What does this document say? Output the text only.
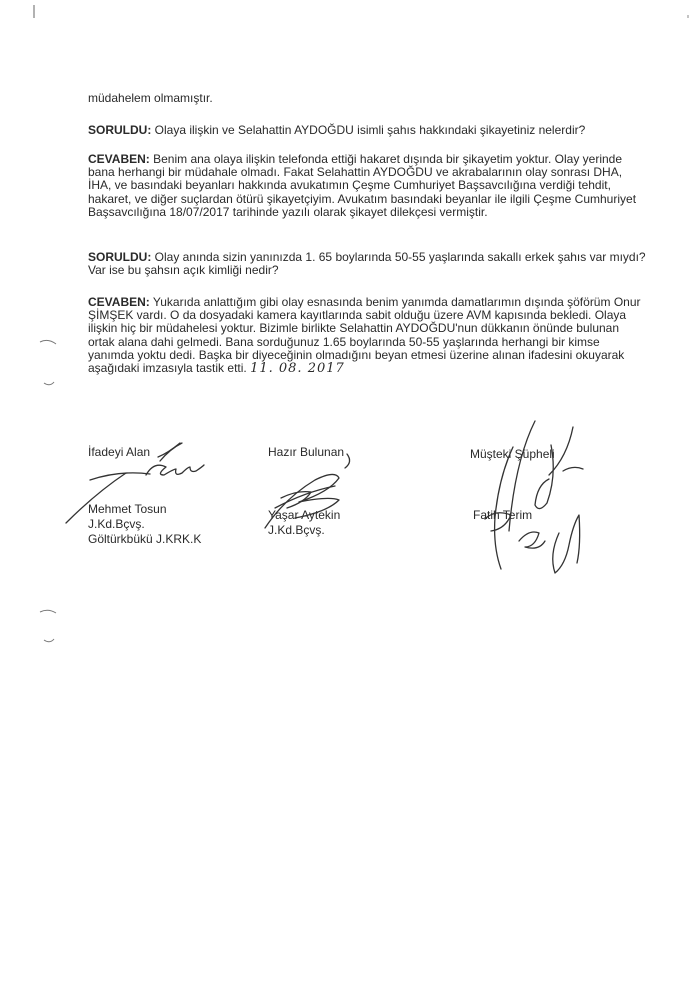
müdahelem olmamıştır.

SORULDU: Olaya ilişkin ve Selahattin AYDOĞDU isimli şahıs hakkındaki şikayetiniz nelerdir?

CEVABEN: Benim ana olaya ilişkin telefonda ettiği hakaret dışında bir şikayetim yoktur. Olay yerinde bana herhangi bir müdahale olmadı. Fakat Selahattin AYDOĞDU ve akrabalarının olay sonrası DHA, İHA, ve basındaki beyanları hakkında avukatımın Çeşme Cumhuriyet Başsavcılığına verdiği tehdit, hakaret, ve diğer suçlardan ötürü şikayetçiyim. Avukatım basındaki beyanlar ile ilgili Çeşme Cumhuriyet Başsavcılığına 18/07/2017 tarihinde yazılı olarak şikayet dilekçesi vermiştir.

SORULDU: Olay anında sizin yanınızda 1. 65 boylarında 50-55 yaşlarında sakallı erkek şahıs var mıydı? Var ise bu şahsın açık kimliği nedir?

CEVABEN: Yukarıda anlattığım gibi olay esnasında benim yanımda damatlarımın dışında şöförüm Onur ŞİMŞEK vardı. O da dosyadaki kamera kayıtlarında sabit olduğu üzere AVM kapısında bekledi. Olaya ilişkin hiç bir müdahelesi yoktur. Bizimle birlikte Selahattin AYDOĞDU'nun dükkanın önünde bulunan ortak alana dahi gelmedi. Bana sorduğunuz 1.65 boylarında 50-55 yaşlarında herhangi bir kimse yanımda yoktu dedi. Başka bir diyeceğinin olmadığını beyan etmesi üzerine alınan ifadesini okuyarak aşağıdaki imzasıyla tastik etti. 11. 08. 2017

İfadeyi Alan
Mehmet Tosun
J.Kd.Bçvş.
Göltürkbükü J.KRK.K
Hazır Bulunan
Yaşar Aytekin
J.Kd.Bçvş.
Müşteki Şüpheli
Fatih Terim
